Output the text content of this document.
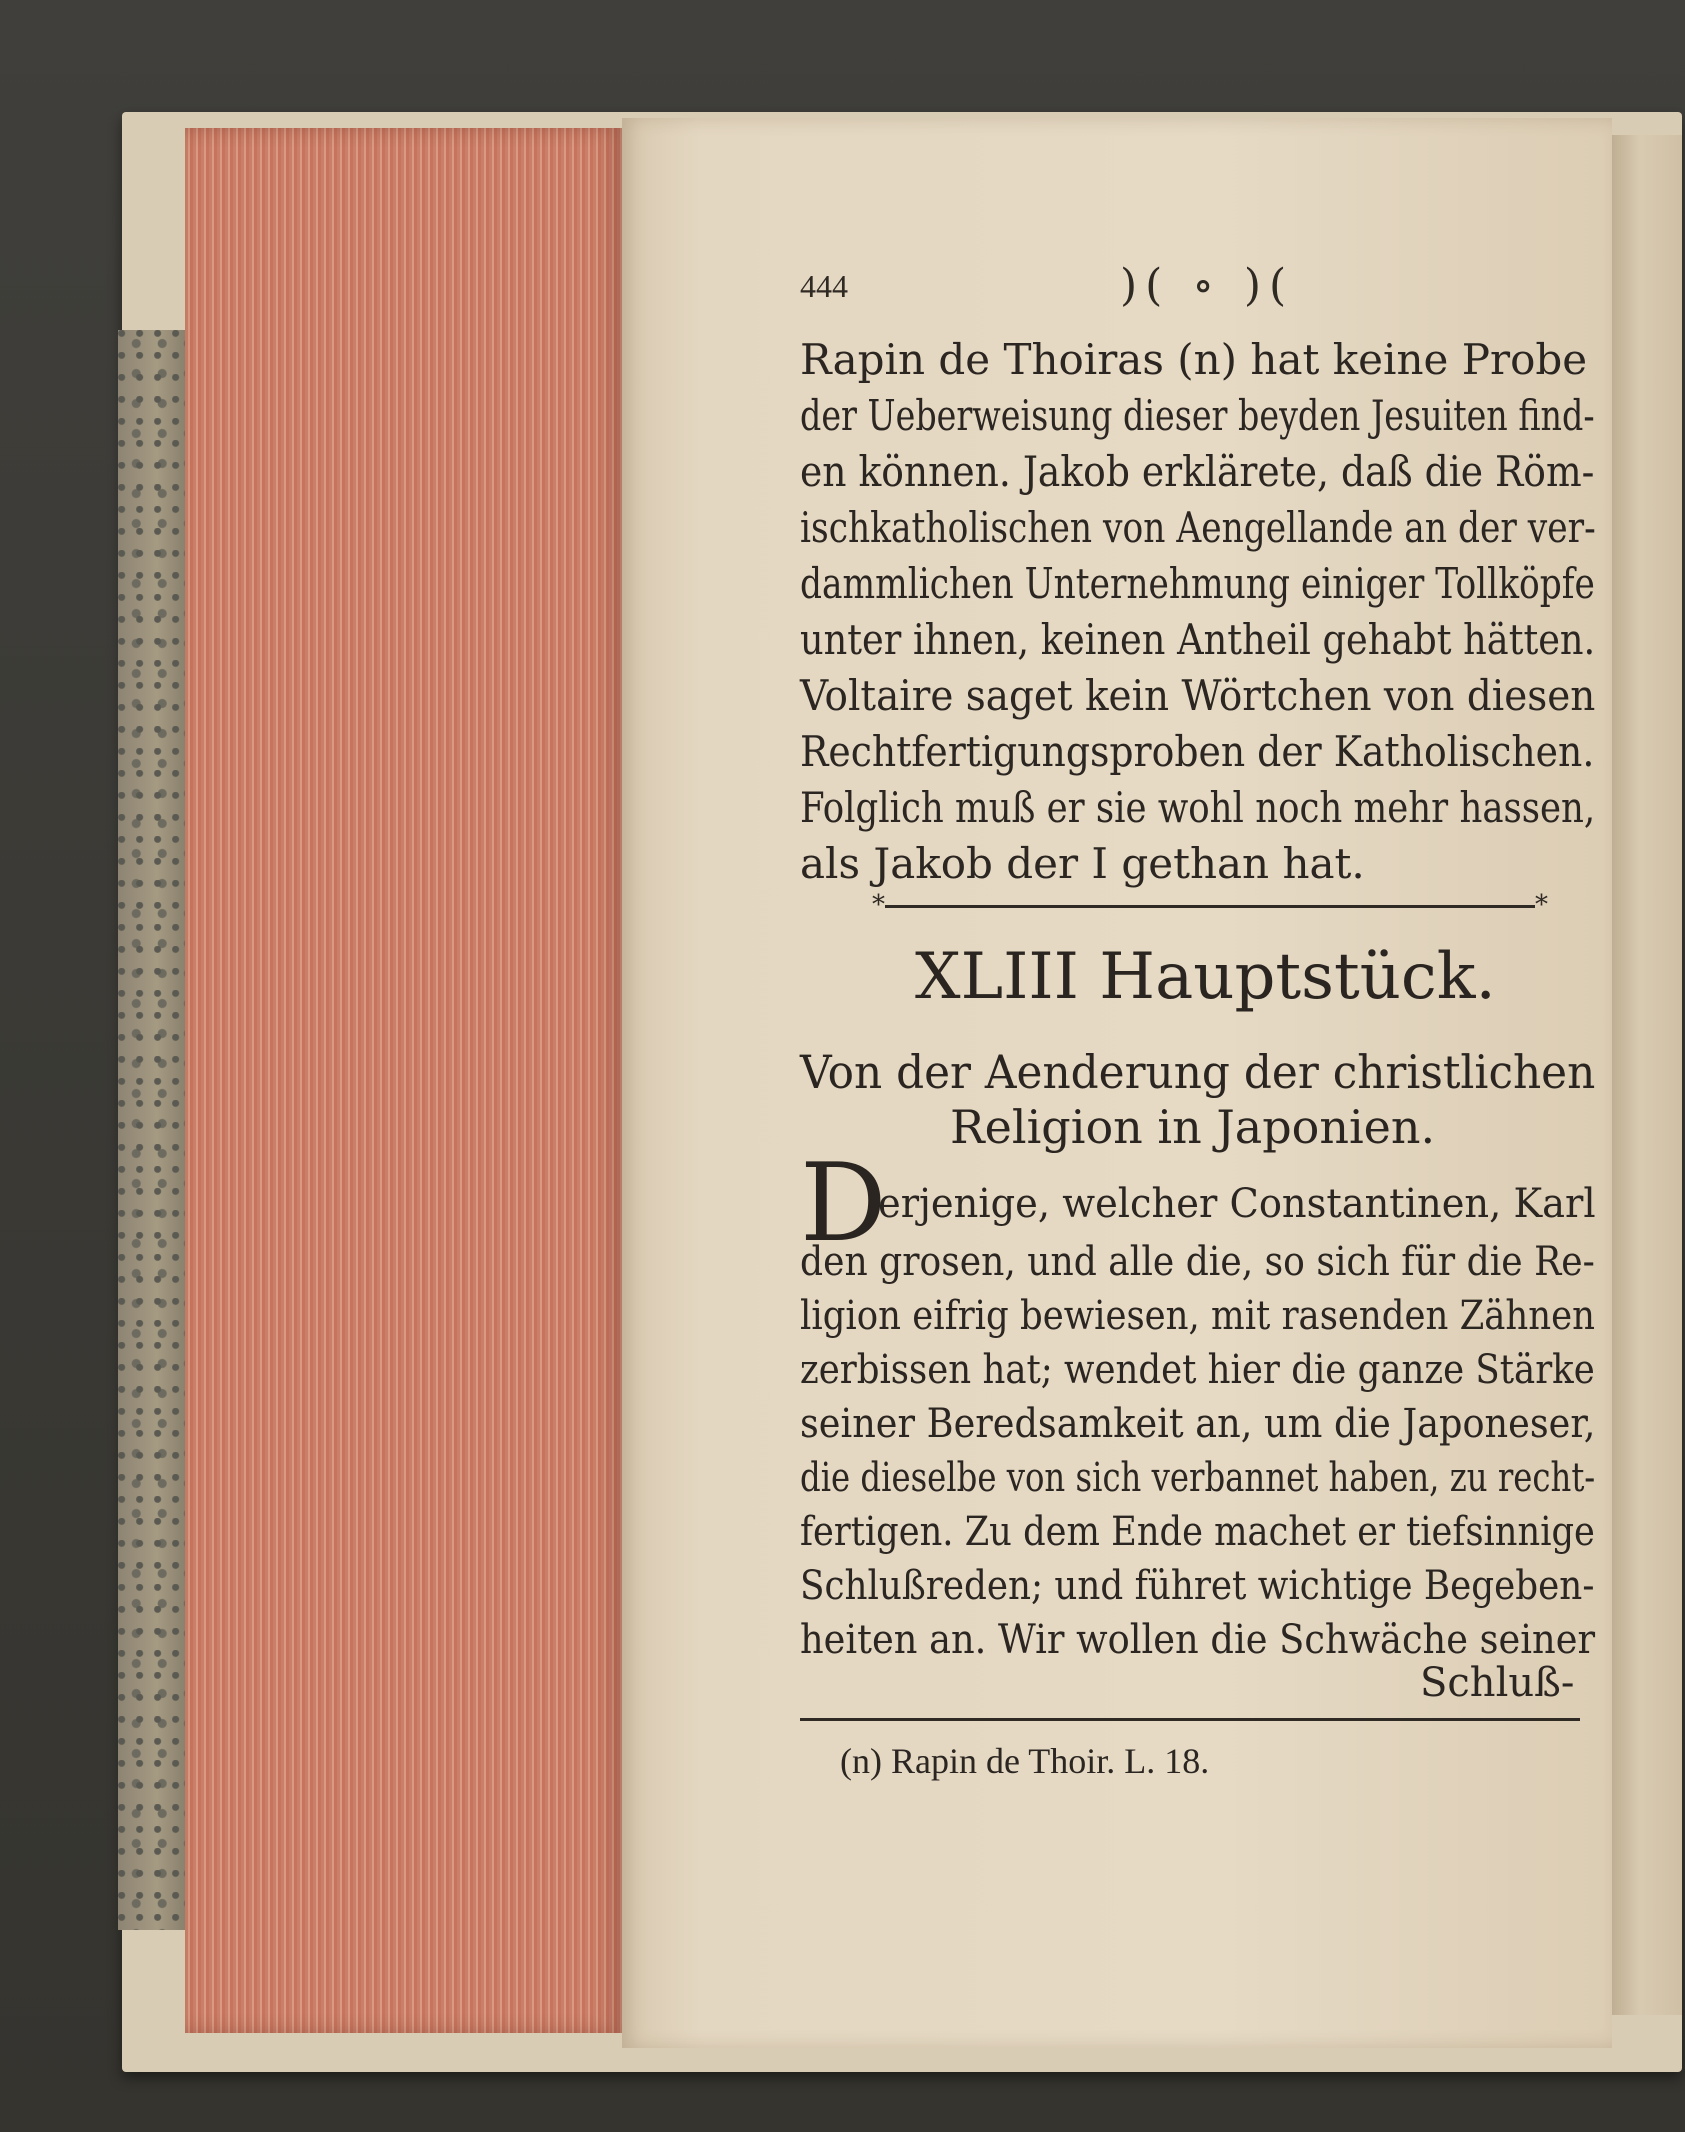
444	)( ∘ )(
Rapin de Thoiras (n) hat keine Probe
der Ueberweisung dieser beyden Jesuiten find-
en können. Jakob erklärete, daß die Röm-
ischkatholischen von Aengellande an der ver-
dammlichen Unternehmung einiger Tollköpfe
unter ihnen, keinen Antheil gehabt hätten.
Voltaire saget kein Wörtchen von diesen
Rechtfertigungsproben der Katholischen.
Folglich muß er sie wohl noch mehr hassen,
als Jakob der I gethan hat.
*	*
XLIII Hauptstück.
Von der Aenderung der christlichen
Religion in Japonien.
D
erjenige, welcher Constantinen, Karl
den grosen, und alle die, so sich für die Re-
ligion eifrig bewiesen, mit rasenden Zähnen
zerbissen hat; wendet hier die ganze Stärke
seiner Beredsamkeit an, um die Japoneser,
die dieselbe von sich verbannet haben, zu recht-
fertigen. Zu dem Ende machet er tiefsinnige
Schlußreden; und führet wichtige Begeben-
heiten an. Wir wollen die Schwäche seiner
Schluß-
(n) Rapin de Thoir. L. 18.
